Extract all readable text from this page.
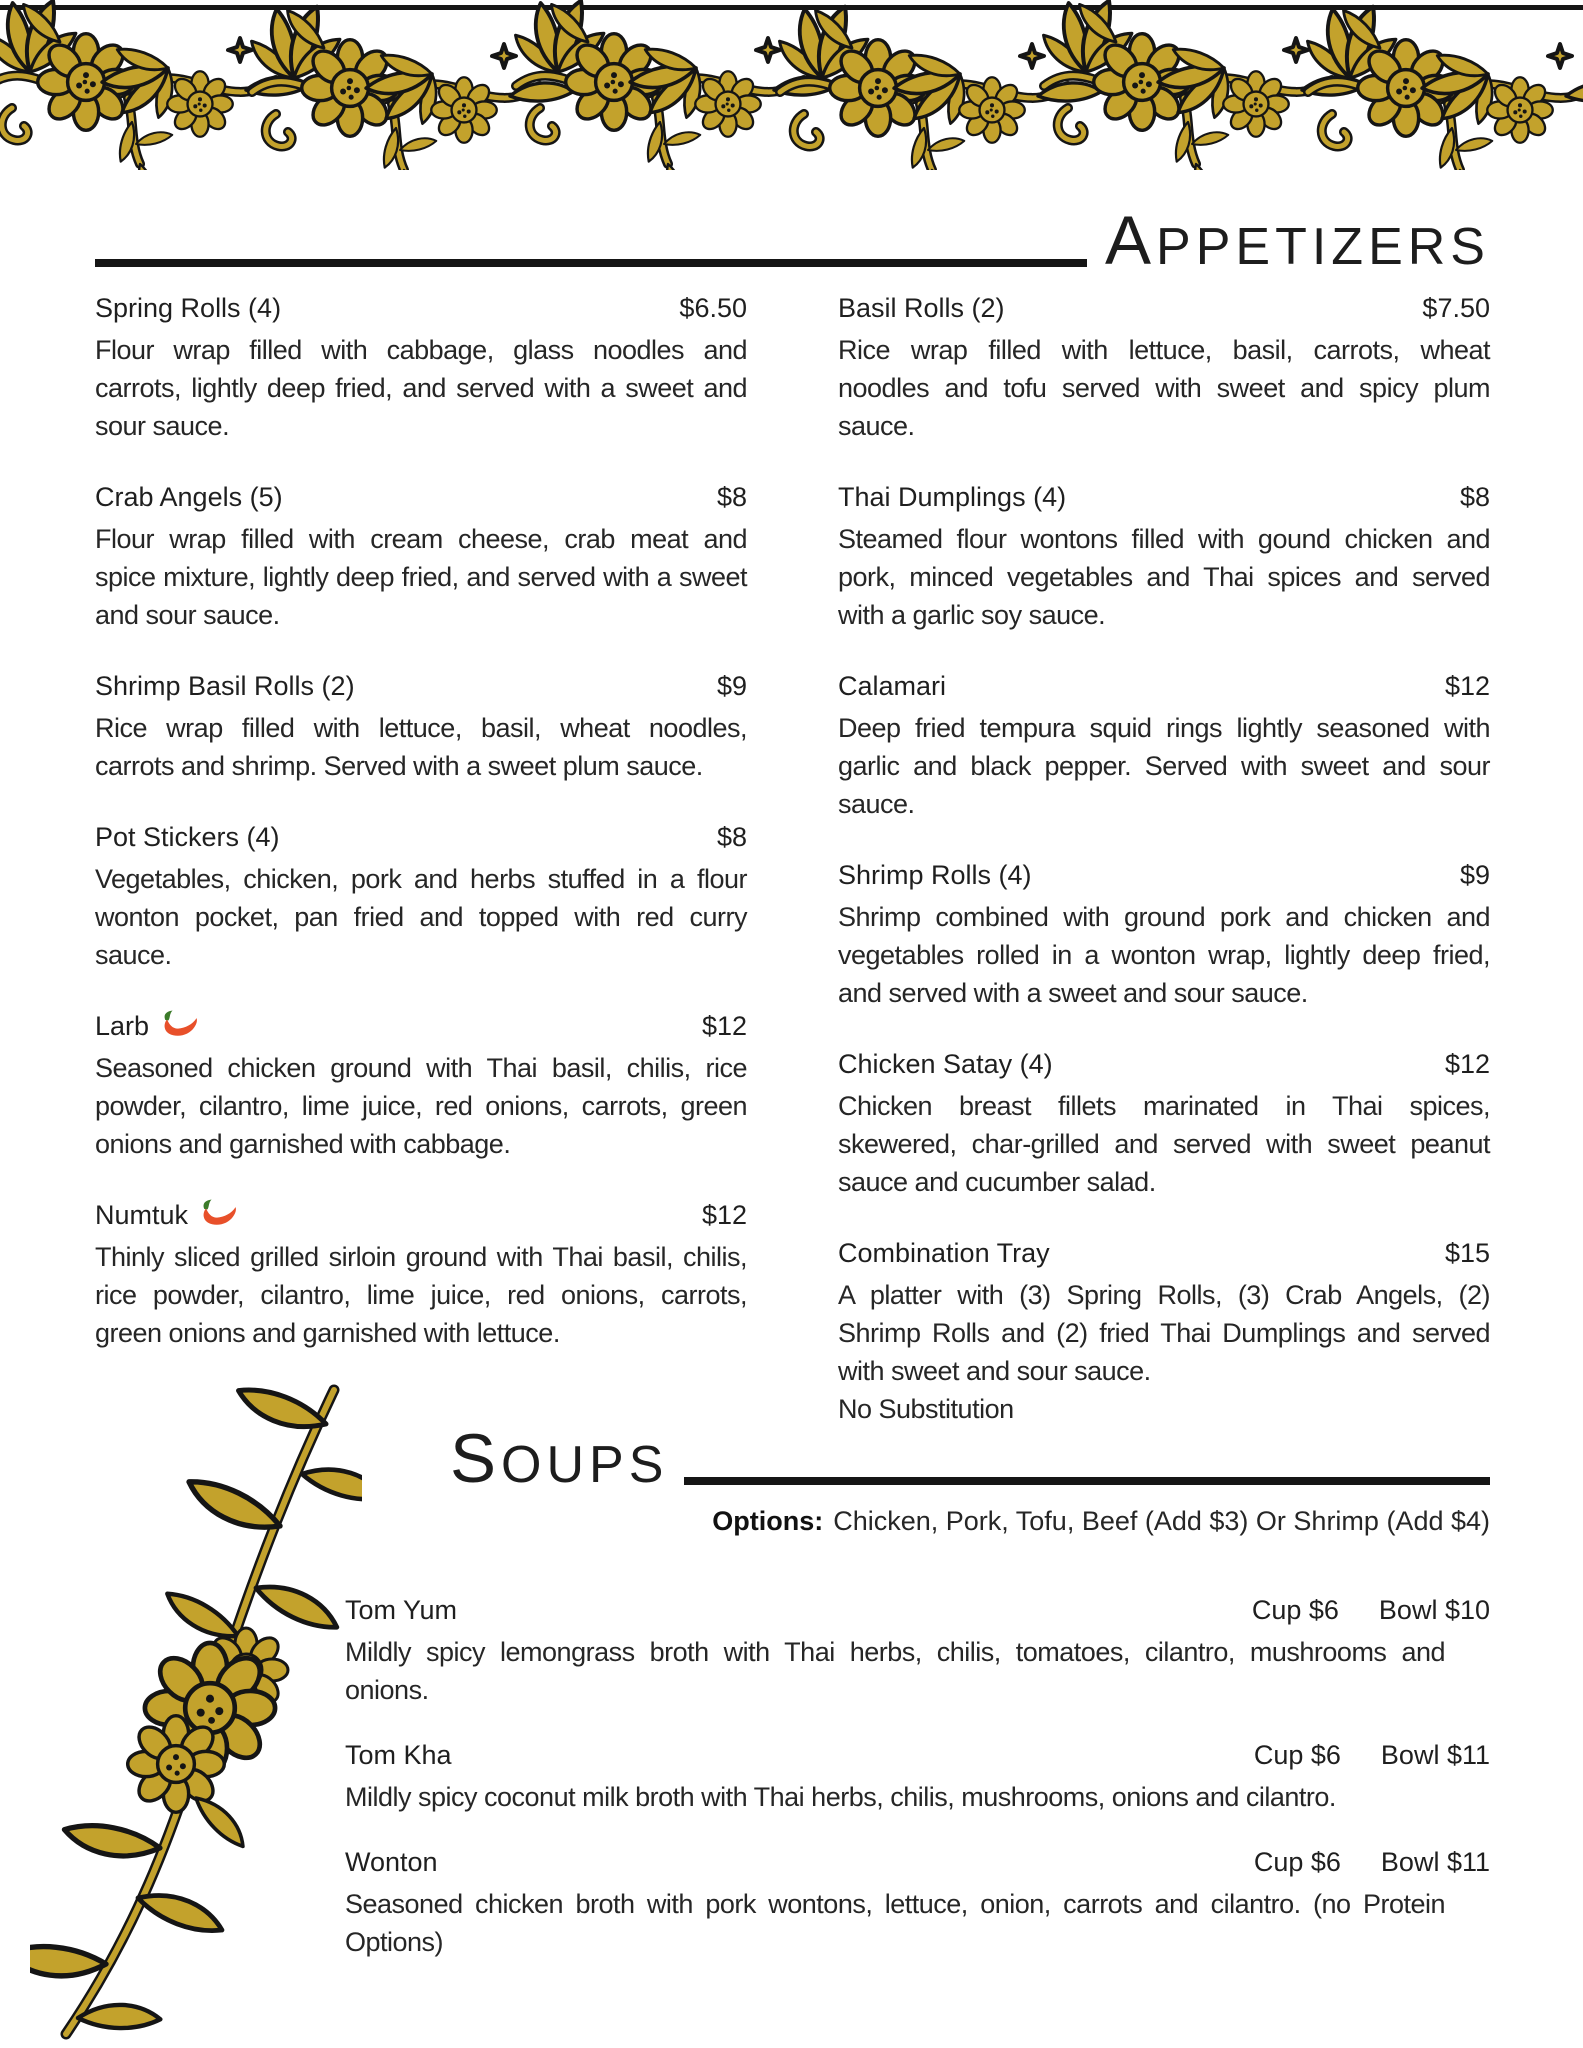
APPETIZERS
Spring Rolls (4)	$6.50
Flour wrap filled with cabbage, glass noodles and carrots, lightly deep fried, and served with a sweet and sour sauce.
Crab Angels (5)	$8
Flour wrap filled with cream cheese, crab meat and spice mixture, lightly deep fried, and served with a sweet and sour sauce.
Shrimp Basil Rolls (2)	$9
Rice wrap filled with lettuce, basil, wheat noodles, carrots and shrimp. Served with a sweet plum sauce.
Pot Stickers (4)	$8
Vegetables, chicken, pork and herbs stuffed in a flour wonton pocket, pan fried and topped with red curry sauce.
Larb	$12
Seasoned chicken ground with Thai basil, chilis, rice powder, cilantro, lime juice, red onions, carrots, green onions and garnished with cabbage.
Numtuk	$12
Thinly sliced grilled sirloin ground with Thai basil, chilis, rice powder, cilantro, lime juice, red onions, carrots, green onions and garnished with lettuce.
Basil Rolls (2)	$7.50
Rice wrap filled with lettuce, basil, carrots, wheat noodles and tofu served with sweet and spicy plum sauce.
Thai Dumplings (4)	$8
Steamed flour wontons filled with gound chicken and pork, minced vegetables and Thai spices and served with a garlic soy sauce.
Calamari	$12
Deep fried tempura squid rings lightly seasoned with garlic and black pepper. Served with sweet and sour sauce.
Shrimp Rolls (4)	$9
Shrimp combined with ground pork and chicken and vegetables rolled in a wonton wrap, lightly deep fried, and served with a sweet and sour sauce.
Chicken Satay (4)	$12
Chicken breast fillets marinated in Thai spices, skewered, char-grilled and served with sweet peanut sauce and cucumber salad.
Combination Tray	$15
A platter with (3) Spring Rolls, (3) Crab Angels, (2) Shrimp Rolls and (2) fried Thai Dumplings and served with sweet and sour sauce.
No Substitution
SOUPS
Options: Chicken, Pork, Tofu, Beef (Add $3) Or Shrimp (Add $4)
Tom Yum	Cup $6 Bowl $10
Mildly spicy lemongrass broth with Thai herbs, chilis, tomatoes, cilantro, mushrooms and onions.
Tom Kha	Cup $6 Bowl $11
Mildly spicy coconut milk broth with Thai herbs, chilis, mushrooms, onions and cilantro.
Wonton	Cup $6 Bowl $11
Seasoned chicken broth with pork wontons, lettuce, onion, carrots and cilantro. (no Protein Options)
